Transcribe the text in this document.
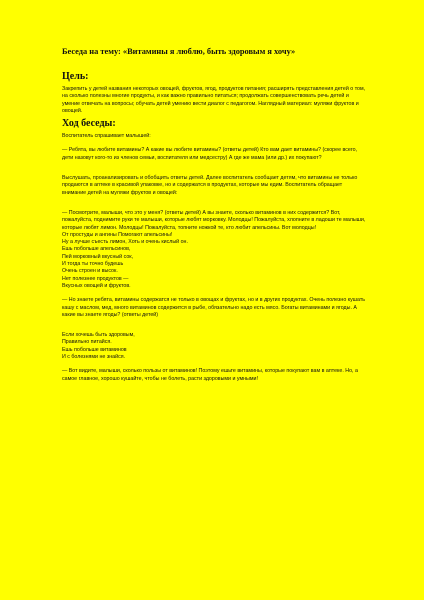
Беседа на тему: «Витамины я люблю, быть здоровым я хочу»
Цель:

Закрепить у детей названия некоторых овощей, фруктов, ягод, продуктов питания; расширять представления детей о том, на сколько полезны многие продукты, и как важно правильно питаться; продолжать совершенствовать речь детей и умение отвечать на вопросы; обучать детей умению вести диалог с педагогом. Наглядный материал: муляжи фруктов и овощей.

Ход беседы:

Воспитатель спрашивает малышей:

— Ребята, вы любите витамины? А какие вы любите витамины? (ответы детей) Кто вам дает витамины? (скорее всего, дети назовут кого-то из членов семьи, воспитателя или медсестру) А где же мама (или др.) их покупают?

Выслушать, проанализировать и обобщить ответы детей. Далее воспитатель сообщает детям, что витамины не только продаются в аптеке в красивой упаковке, но и содержатся в продуктах, которые мы едим. Воспитатель обращает внимание детей на муляжи фруктов и овощей:

— Посмотрите, малыши, что это у меня? (ответы детей) А вы знаете, сколько витаминов в них содержится? Вот, пожалуйста, поднимите руки те малыши, которые любят морковку. Молодцы! Пожалуйста, хлопните в ладоши те малыши, которые любят лимон. Молодцы! Пожалуйста, топните ножкой те, кто любит апельсины. Вот молодцы!

От простуды и ангины Помогают апельсины!
Ну а лучше съесть лимон, Хоть и очень кислый он.
Ешь побольше апельсинов,
Пей морковный вкусный сок,
И тогда ты точно будешь
Очень строен и высок.
Нет полезнее продуктов —
Вкусных овощей и фруктов.

— Но знаете ребята, витамины содержатся не только в овощах и фруктах, но и в других продуктах. Очень полезно кушать кашу с маслом, мед, много витаминов содержится в рыбе, обязательно надо есть мясо. Богаты витаминами и ягоды. А какие вы знаете ягоды? (ответы детей)

Если хочешь быть здоровым,
Правильно питайся.
Ешь побольше витаминов
И с болезнями не знайся.

— Вот видите, малыши, сколько пользы от витаминов! Поэтому ешьте витамины, которые покупают вам в аптеке. Но, а самое главное, хорошо кушайте, чтобы не болеть, расти здоровыми и умными!
